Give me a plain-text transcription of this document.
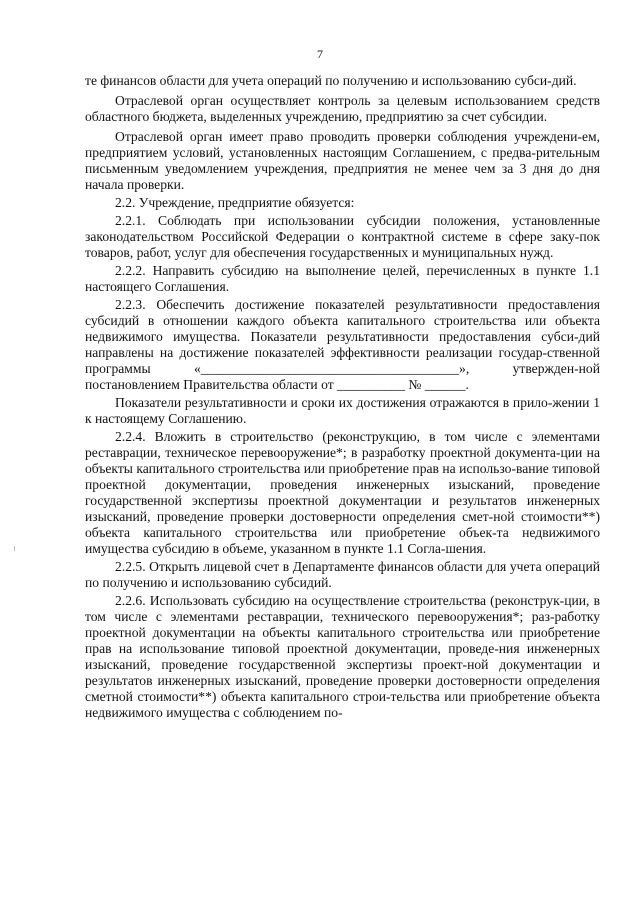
7

те финансов области для учета операций по получению и использованию субси-дий.

Отраслевой орган осуществляет контроль за целевым использованием средств областного бюджета, выделенных учреждению, предприятию за счет субсидии.

Отраслевой орган имеет право проводить проверки соблюдения учреждени-ем, предприятием условий, установленных настоящим Соглашением, с предва-рительным письменным уведомлением учреждения, предприятия не менее чем за 3 дня до дня начала проверки.

2.2. Учреждение, предприятие обязуется:

2.2.1. Соблюдать при использовании субсидии положения, установленные законодательством Российской Федерации о контрактной системе в сфере заку-пок товаров, работ, услуг для обеспечения государственных и муниципальных нужд.

2.2.2. Направить субсидию на выполнение целей, перечисленных в пункте 1.1 настоящего Соглашения.

2.2.3. Обеспечить достижение показателей результативности предоставления субсидий в отношении каждого объекта капитального строительства или объекта недвижимого имущества. Показатели результативности предоставления субси-дий направлены на достижение показателей эффективности реализации государ-ственной программы «______________________________________», утвержден-ной постановлением Правительства области от __________ № ______.

Показатели результативности и сроки их достижения отражаются в прило-жении 1 к настоящему Соглашению.

2.2.4. Вложить в строительство (реконструкцию, в том числе с элементами реставрации, техническое перевооружение*; в разработку проектной документа-ции на объекты капитального строительства или приобретение прав на использо-вание типовой проектной документации, проведения инженерных изысканий, проведение государственной экспертизы проектной документации и результатов инженерных изысканий, проведение проверки достоверности определения смет-ной стоимости**) объекта капитального строительства или приобретение объек-та недвижимого имущества субсидию в объеме, указанном в пункте 1.1 Согла-шения.

2.2.5. Открыть лицевой счет в Департаменте финансов области для учета операций по получению и использованию субсидий.

2.2.6. Использовать субсидию на осуществление строительства (реконструк-ции, в том числе с элементами реставрации, технического перевооружения*; раз-работку проектной документации на объекты капитального строительства или приобретение прав на использование типовой проектной документации, проведе-ния инженерных изысканий, проведение государственной экспертизы проект-ной документации и результатов инженерных изысканий, проведение проверки достоверности определения сметной стоимости**) объекта капитального строи-тельства или приобретение объекта недвижимого имущества с соблюдением по-
